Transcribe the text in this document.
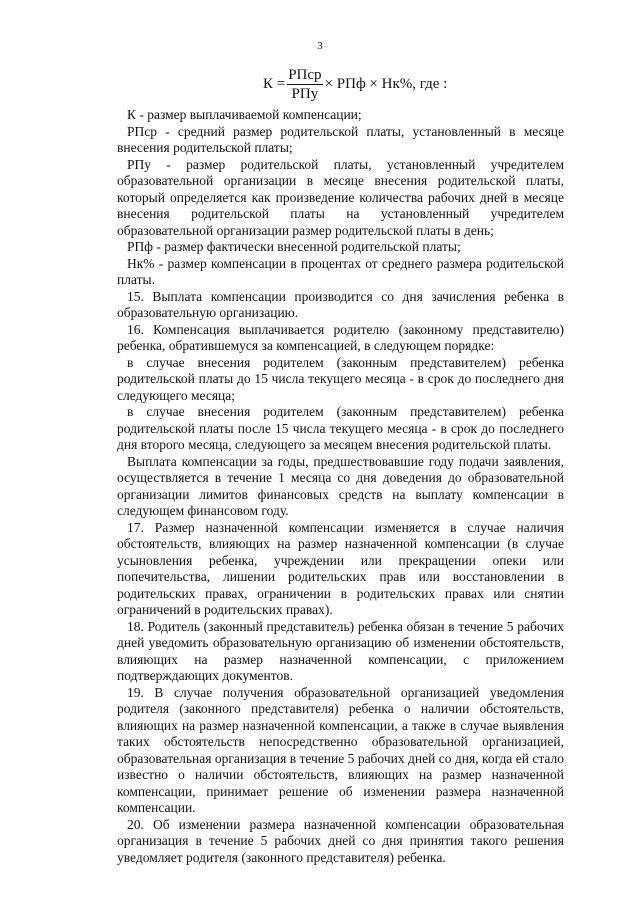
3
$К = \frac{\text{РПср}}{\text{РПу}}$ × РПф × Нк%, где :

К - размер выплачиваемой компенсации;

РПср - средний размер родительской платы, установленный в месяце внесения родительской платы;

РПу - размер родительской платы, установленный учредителем образовательной организации в месяце внесения родительской платы, который определяется как произведение количества рабочих дней в месяце внесения родительской платы на установленный учредителем образовательной организации размер родительской платы в день;

РПф - размер фактически внесенной родительской платы;

Нк% - размер компенсации в процентах от среднего размера родительской платы.

15. Выплата компенсации производится со дня зачисления ребенка в образовательную организацию.

16. Компенсация выплачивается родителю (законному представителю) ребенка, обратившемуся за компенсацией, в следующем порядке:

в случае внесения родителем (законным представителем) ребенка родительской платы до 15 числа текущего месяца - в срок до последнего дня следующего месяца;

в случае внесения родителем (законным представителем) ребенка родительской платы после 15 числа текущего месяца - в срок до последнего дня второго месяца, следующего за месяцем внесения родительской платы.

Выплата компенсации за годы, предшествовавшие году подачи заявления, осуществляется в течение 1 месяца со дня доведения до образовательной организации лимитов финансовых средств на выплату компенсации в следующем финансовом году.

17. Размер назначенной компенсации изменяется в случае наличия обстоятельств, влияющих на размер назначенной компенсации (в случае усыновления ребенка, учреждении или прекращении опеки или попечительства, лишении родительских прав или восстановлении в родительских правах, ограничении в родительских правах или снятии ограничений в родительских правах).

18. Родитель (законный представитель) ребенка обязан в течение 5 рабочих дней уведомить образовательную организацию об изменении обстоятельств, влияющих на размер назначенной компенсации, с приложением подтверждающих документов.

19. В случае получения образовательной организацией уведомления родителя (законного представителя) ребенка о наличии обстоятельств, влияющих на размер назначенной компенсации, а также в случае выявления таких обстоятельств непосредственно образовательной организацией, образовательная организация в течение 5 рабочих дней со дня, когда ей стало известно о наличии обстоятельств, влияющих на размер назначенной компенсации, принимает решение об изменении размера назначенной компенсации.

20. Об изменении размера назначенной компенсации образовательная организация в течение 5 рабочих дней со дня принятия такого решения уведомляет родителя (законного представителя) ребенка.
